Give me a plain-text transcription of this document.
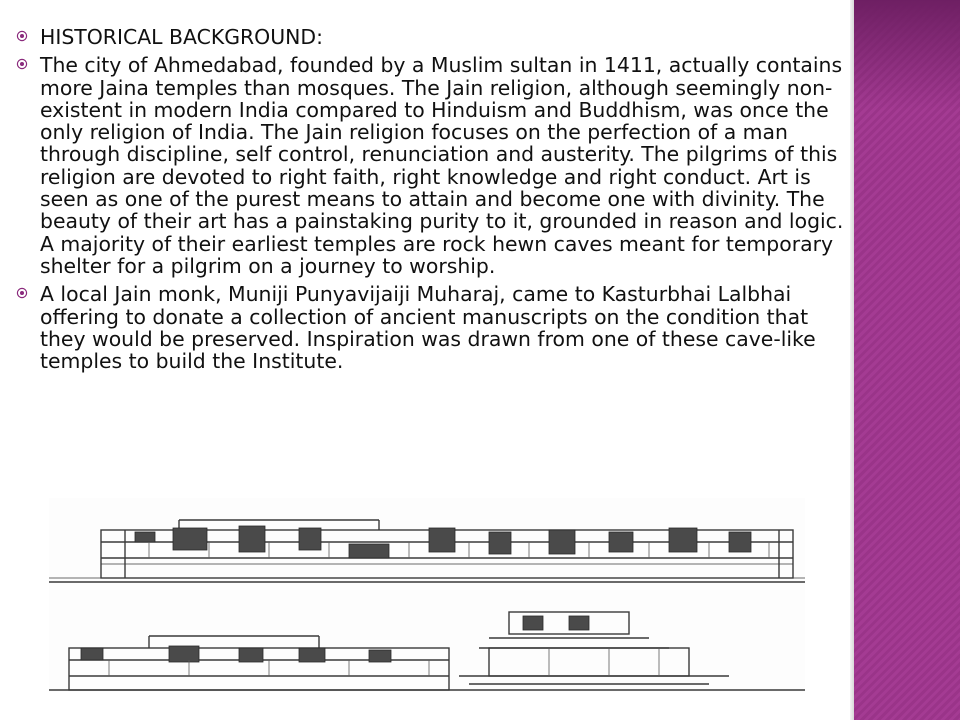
HISTORICAL BACKGROUND:
The city of Ahmedabad, founded by a Muslim sultan in 1411, actually contains more Jaina temples than mosques. The Jain religion, although seemingly non-existent in modern India compared to Hinduism and Buddhism, was once the only religion of India. The Jain religion focuses on the perfection of a man through discipline, self control, renunciation and austerity. The pilgrims of this religion are devoted to right faith, right knowledge and right conduct. Art is seen as one of the purest means to attain and become one with divinity. The beauty of their art has a painstaking purity to it, grounded in reason and logic. A majority of their earliest temples are rock hewn caves meant for temporary shelter for a pilgrim on a journey to worship.
A local Jain monk, Muniji Punyavijaiji Muharaj, came to Kasturbhai Lalbhai offering to donate a collection of ancient manuscripts on the condition that they would be preserved. Inspiration was drawn from one of these cave-like temples to build the Institute.
